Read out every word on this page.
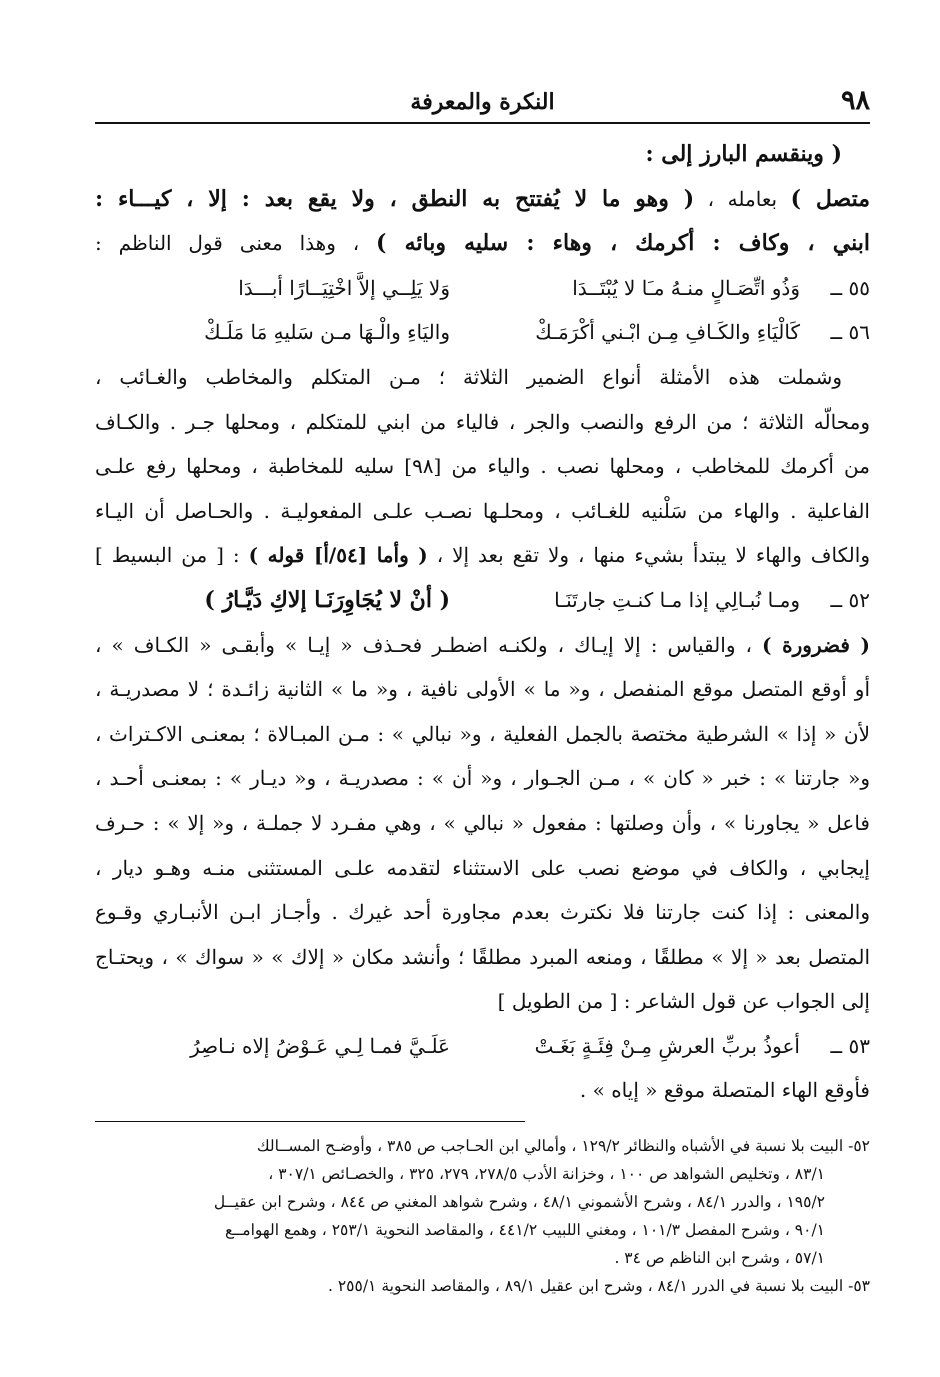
٩٨
النكرة والمعرفة
( وينقسم البارز إلى :
متصل ) بعامله ، ( وهو ما لا يُفتتح به النطق ، ولا يقع بعد : إلا ، كيـــاء :
ابني ، وكاف : أكرمك ، وهاء : سليه وبائه ) ، وهذا معنى قول الناظم :
٥٥ ــ
وَذُو اتِّصَـالٍ منـهُ مـَا لا يُبْتَــدَا
وَلا يَلِــي إلاَّ اخْتِيَــارًا أبـــدَا
٥٦ ــ
كَالْيَاءِ والكَـافِ مِـن ابْـني أكْرَمَـكْ
واليَاءِ والْـهَا مـن سَليهِ مَا مَلَـكْ
وشملت هذه الأمثلة أنواع الضمير الثلاثة ؛ مـن المتكلم والمخاطب والغـائب ،
ومحالّه الثلاثة ؛ من الرفع والنصب والجر ، فالياء من ابني للمتكلم ، ومحلها جـر . والكـاف
من أكرمك للمخاطب ، ومحلها نصب . والياء من [٩٨] سليه للمخاطبة ، ومحلها رفع علـى
الفاعلية . والهاء من سَلْنيه للغـائب ، ومحلـها نصـب علـى المفعوليـة . والحـاصل أن اليـاء
والكاف والهاء لا يبتدأ بشيء منها ، ولا تقع بعد إلا ، ( وأما [٥٤/أ] قوله ) : [ من البسيط ]
٥٢ ــ
ومـا نُبـالِي إذا مـا كنـتِ جارتَنَـا
( أنْ لا يُجَاوِرَنَـا إلاكِ دَيَّـارُ )
( فضرورة ) ، والقياس : إلا إيـاك ، ولكنـه اضطـر فحـذف « إيـا » وأبقـى « الكـاف » ،
أو أوقع المتصل موقع المنفصل ، و« ما » الأولى نافية ، و« ما » الثانية زائـدة ؛ لا مصدريـة ،
لأن « إذا » الشرطية مختصة بالجمل الفعلية ، و« نبالي » : مـن المبـالاة ؛ بمعنـى الاكـتراث ،
و« جارتنا » : خبر « كان » ، مـن الجـوار ، و« أن » : مصدريـة ، و« ديـار » : بمعنـى أحـد ،
فاعل « يجاورنا » ، وأن وصلتها : مفعول « نبالي » ، وهي مفـرد لا جملـة ، و« إلا » : حـرف
إيجابي ، والكاف في موضع نصب على الاستثناء لتقدمه علـى المستثنى منـه وهـو ديار ،
والمعنى : إذا كنت جارتنا فلا نكترث بعدم مجاورة أحد غيرك . وأجـاز ابـن الأنبـاري وقـوع
المتصل بعد « إلا » مطلقًا ، ومنعه المبرد مطلقًا ؛ وأنشد مكان « إلاك » « سواك » ، ويحتـاج
إلى الجواب عن قول الشاعر : [ من الطويل ]
٥٣ ــ
أعوذُ بربِّ العرشِ مِـنْ فِئَـةٍ بَغَـتْ
عَلَـيَّ فمـا لِـي عَـوْضُ إلاه نـاصِرُ
فأوقع الهاء المتصلة موقع « إياه » .
٥٢- البيت بلا نسبة في الأشباه والنظائر ١٢٩/٢ ، وأمالي ابن الحـاجب ص ٣٨٥ ، وأوضـح المســالك
٨٣/١ ، وتخليص الشواهد ص ١٠٠ ، وخزانة الأدب ٢٧٨/٥، ٢٧٩، ٣٢٥ ، والخصـائص ٣٠٧/١ ،
١٩٥/٢ ، والدرر ٨٤/١ ، وشرح الأشموني ٤٨/١ ، وشرح شواهد المغني ص ٨٤٤ ، وشرح ابن عقيــل
٩٠/١ ، وشرح المفصل ١٠١/٣ ، ومغني اللبيب ٤٤١/٢ ، والمقاصد النحوية ٢٥٣/١ ، وهمع الهوامــع
٥٧/١ ، وشرح ابن الناظم ص ٣٤ .
٥٣- البيت بلا نسبة في الدرر ٨٤/١ ، وشرح ابن عقيل ٨٩/١ ، والمقاصد النحوية ٢٥٥/١ .
